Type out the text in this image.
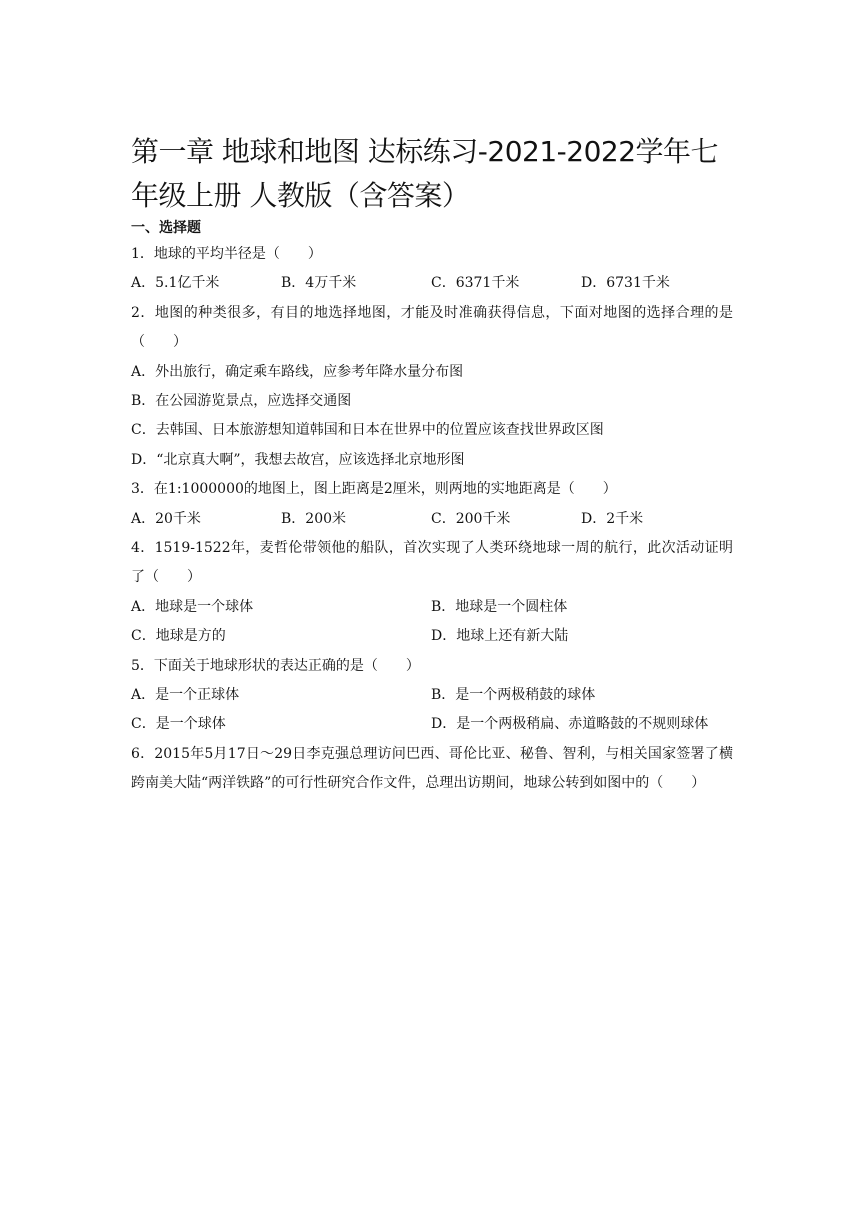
第一章 地球和地图 达标练习-2021-2022学年七年级上册 人教版（含答案）
一、选择题
1．地球的平均半径是（　　）
A．5.1亿千米	B．4万千米	C．6371千米	D．6731千米
2．地图的种类很多，有目的地选择地图，才能及时准确获得信息，下面对地图的选择合理的是（　　）
A．外出旅行，确定乘车路线，应参考年降水量分布图
B．在公园游览景点，应选择交通图
C．去韩国、日本旅游想知道韩国和日本在世界中的位置应该查找世界政区图
D．“北京真大啊”，我想去故宫，应该选择北京地形图
3．在1:1000000的地图上，图上距离是2厘米，则两地的实地距离是（　　）
A．20千米	B．200米	C．200千米	D．2千米
4．1519-1522年，麦哲伦带领他的船队，首次实现了人类环绕地球一周的航行，此次活动证明了（　　）
A．地球是一个球体	B．地球是一个圆柱体
C．地球是方的	D．地球上还有新大陆
5．下面关于地球形状的表达正确的是（　　）
A．是一个正球体	B．是一个两极稍鼓的球体
C．是一个球体	D．是一个两极稍扁、赤道略鼓的不规则球体
6．2015年5月17日～29日李克强总理访问巴西、哥伦比亚、秘鲁、智利，与相关国家签署了横跨南美大陆“两洋铁路”的可行性研究合作文件，总理出访期间，地球公转到如图中的（　　）
